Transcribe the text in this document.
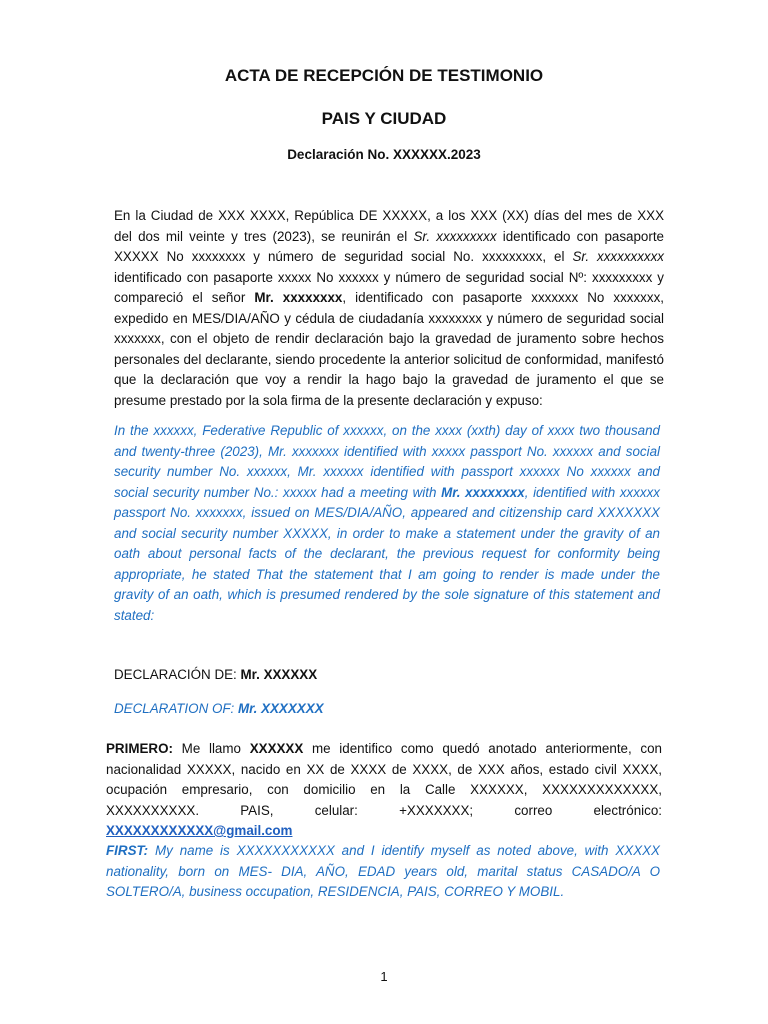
ACTA DE RECEPCIÓN DE TESTIMONIO
PAIS Y CIUDAD
Declaración No. XXXXXX.2023
En la Ciudad de XXX XXXX, República DE XXXXX, a los XXX (XX) días del mes de XXX del dos mil veinte y tres (2023), se reunirán el Sr. xxxxxxxxx identificado con pasaporte XXXXX No xxxxxxxx y número de seguridad social No. xxxxxxxxx, el Sr. xxxxxxxxxx identificado con pasaporte xxxxx No xxxxxx y número de seguridad social Nº: xxxxxxxxx y compareció el señor Mr. xxxxxxxx, identificado con pasaporte xxxxxxx No xxxxxxx, expedido en MES/DIA/AÑO y cédula de ciudadanía xxxxxxxx y número de seguridad social xxxxxxx, con el objeto de rendir declaración bajo la gravedad de juramento sobre hechos personales del declarante, siendo procedente la anterior solicitud de conformidad, manifestó que la declaración que voy a rendir la hago bajo la gravedad de juramento el que se presume prestado por la sola firma de la presente declaración y expuso:
In the xxxxxx, Federative Republic of xxxxxx, on the xxxx (xxth) day of xxxx two thousand and twenty-three (2023), Mr. xxxxxxx identified with xxxxx passport No. xxxxxx and social security number No. xxxxxx, Mr. xxxxxx identified with passport xxxxxx No xxxxxx and social security number No.: xxxxx had a meeting with Mr. xxxxxxxx, identified with xxxxxx passport No. xxxxxxx, issued on MES/DIA/AÑO, appeared and citizenship card XXXXXXX and social security number XXXXX, in order to make a statement under the gravity of an oath about personal facts of the declarant, the previous request for conformity being appropriate, he stated That the statement that I am going to render is made under the gravity of an oath, which is presumed rendered by the sole signature of this statement and stated:
DECLARACIÓN DE: Mr. XXXXXX
DECLARATION OF: Mr. XXXXXXX
PRIMERO: Me llamo XXXXXX me identifico como quedó anotado anteriormente, con nacionalidad XXXXX, nacido en XX de XXXX de XXXX, de XXX años, estado civil XXXX, ocupación empresario, con domicilio en la Calle XXXXXX, XXXXXXXXXXXXX, XXXXXXXXXX. PAIS, celular: +XXXXXXX; correo electrónico: XXXXXXXXXXXX@gmail.com
FIRST: My name is XXXXXXXXXXX and I identify myself as noted above, with XXXXX nationality, born on MES- DIA, AÑO, EDAD years old, marital status CASADO/A O SOLTERO/A, business occupation, RESIDENCIA, PAIS, CORREO Y MOBIL.
1
